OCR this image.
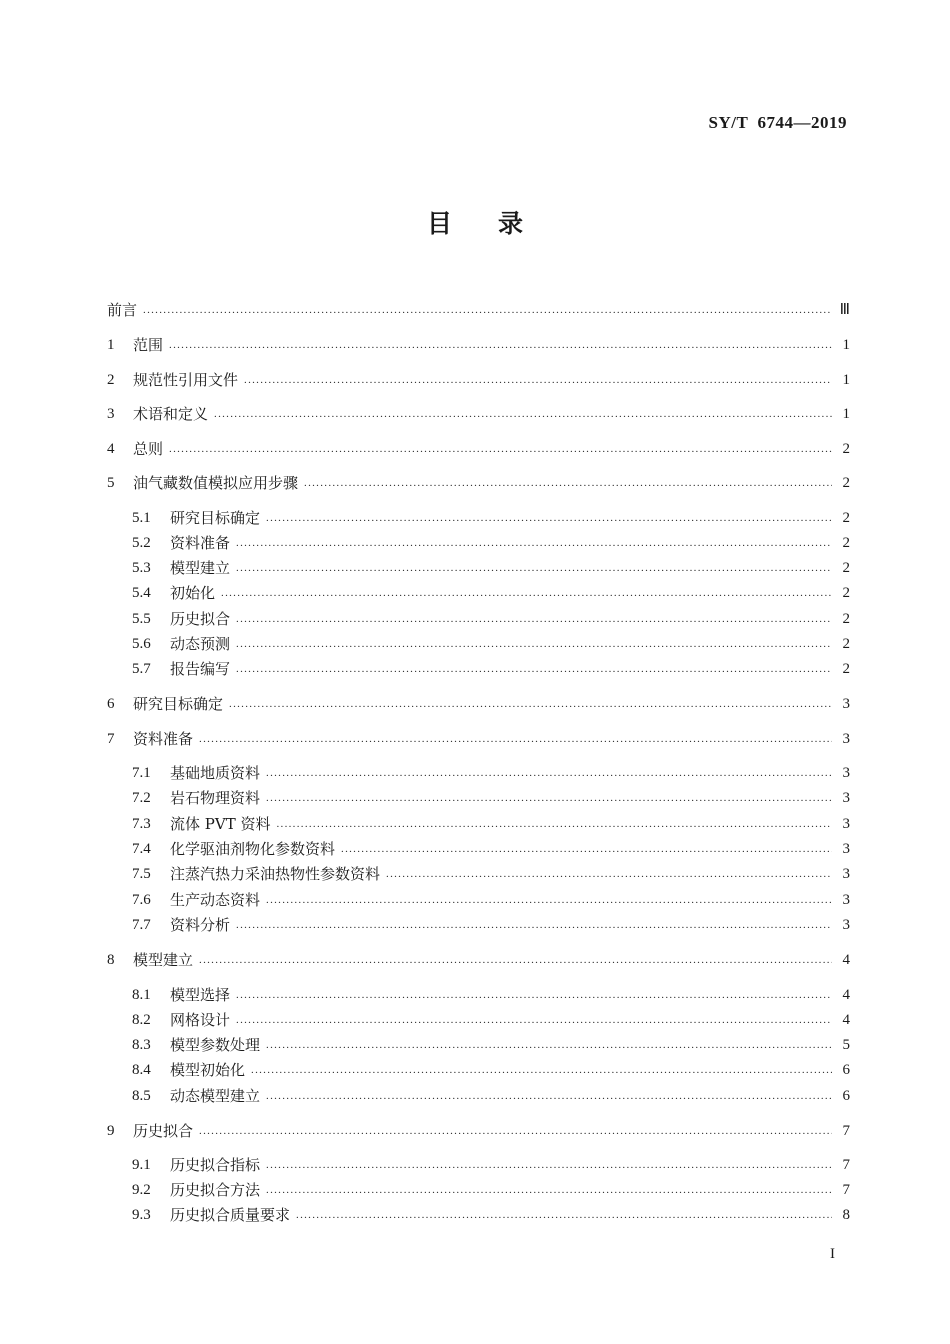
SY/T  6744—2019
目录
前言 .....	Ⅲ
1	范围 .....	1
2	规范性引用文件 .....	1
3	术语和定义 .....	1
4	总则 .....	2
5	油气藏数值模拟应用步骤 .....	2
5.1	研究目标确定 .....	2
5.2	资料准备 .....	2
5.3	模型建立 .....	2
5.4	初始化 .....	2
5.5	历史拟合 .....	2
5.6	动态预测 .....	2
5.7	报告编写 .....	2
6	研究目标确定 .....	3
7	资料准备 .....	3
7.1	基础地质资料 .....	3
7.2	岩石物理资料 .....	3
7.3	流体 PVT 资料 .....	3
7.4	化学驱油剂物化参数资料 .....	3
7.5	注蒸汽热力采油热物性参数资料 .....	3
7.6	生产动态资料 .....	3
7.7	资料分析 .....	3
8	模型建立 .....	4
8.1	模型选择 .....	4
8.2	网格设计 .....	4
8.3	模型参数处理 .....	5
8.4	模型初始化 .....	6
8.5	动态模型建立 .....	6
9	历史拟合 .....	7
9.1	历史拟合指标 .....	7
9.2	历史拟合方法 .....	7
9.3	历史拟合质量要求 .....	8
I
